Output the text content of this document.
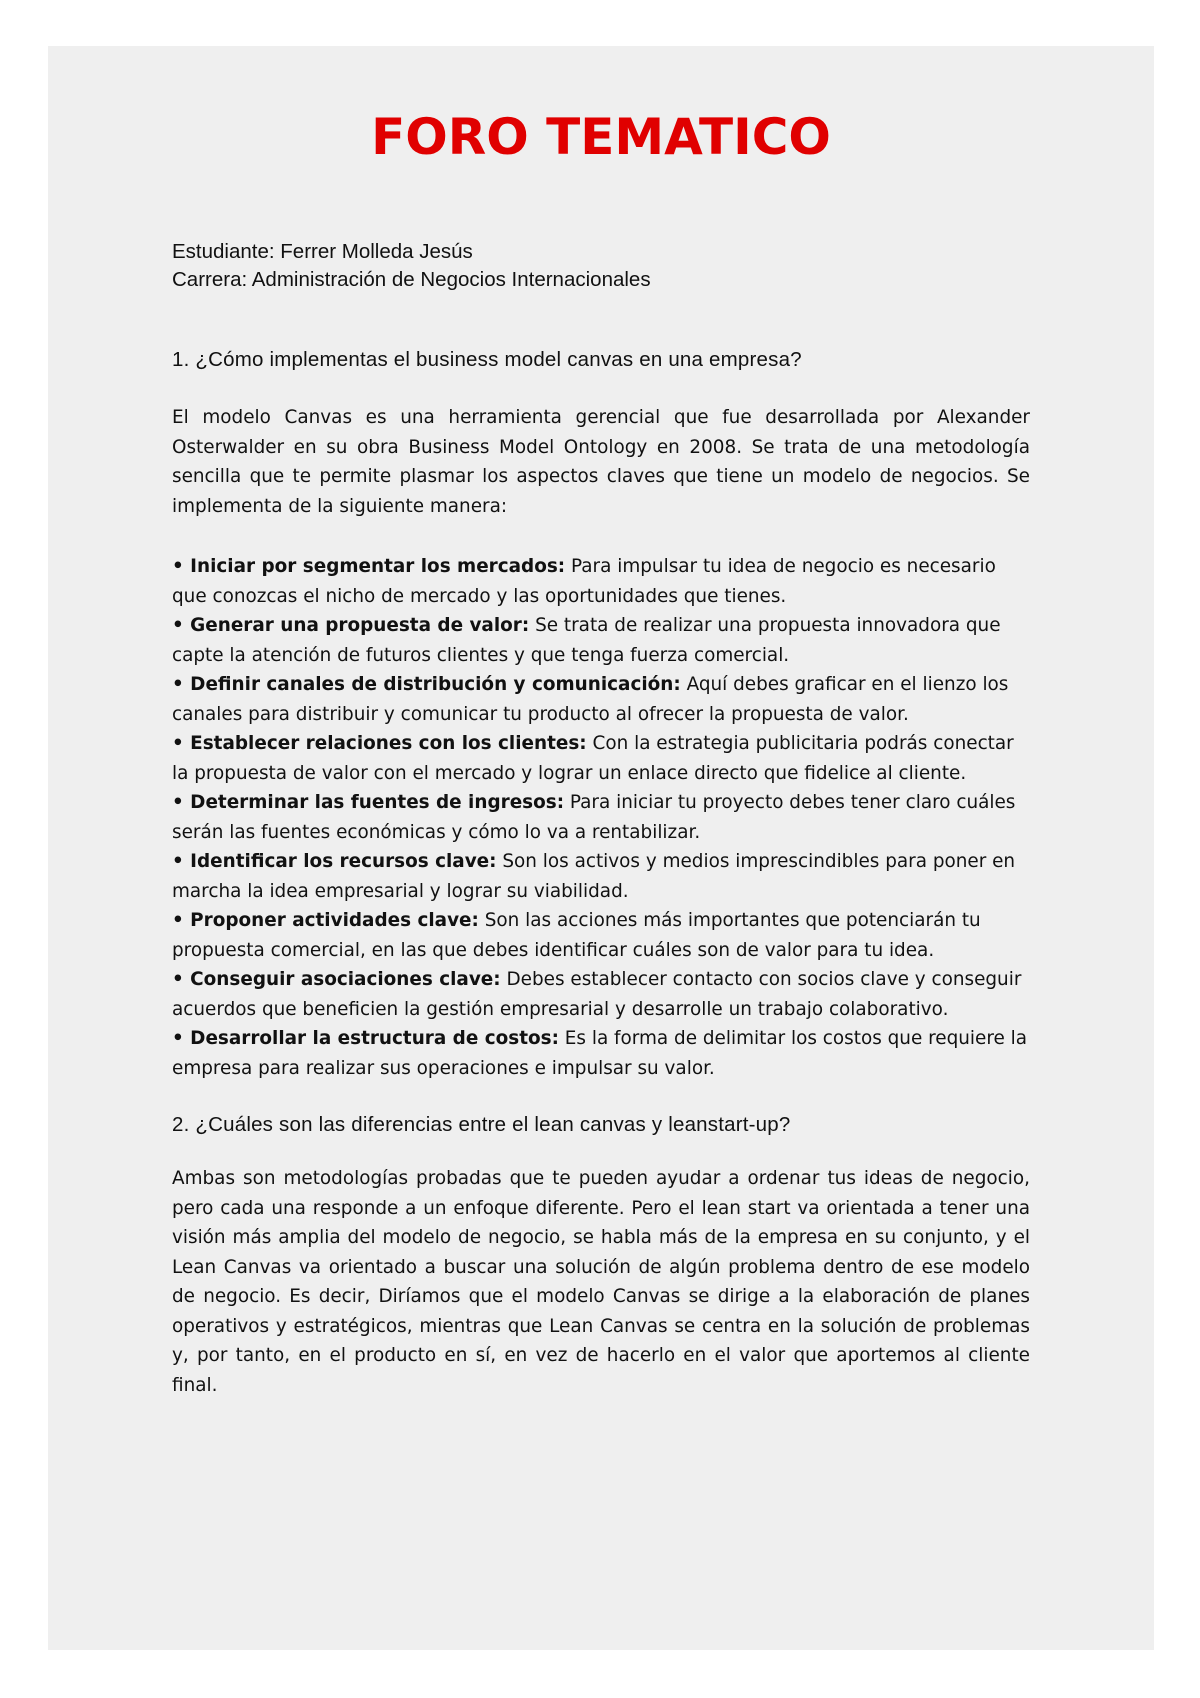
FORO TEMATICO
Estudiante: Ferrer Molleda Jesús
Carrera: Administración de Negocios Internacionales
1. ¿Cómo implementas el business model canvas en una empresa?

El modelo Canvas es una herramienta gerencial que fue desarrollada por Alexander Osterwalder en su obra Business Model Ontology en 2008. Se trata de una metodología sencilla que te permite plasmar los aspectos claves que tiene un modelo de negocios. Se implementa de la siguiente manera:

• Iniciar por segmentar los mercados: Para impulsar tu idea de negocio es necesario que conozcas el nicho de mercado y las oportunidades que tienes.
• Generar una propuesta de valor: Se trata de realizar una propuesta innovadora que capte la atención de futuros clientes y que tenga fuerza comercial.
• Definir canales de distribución y comunicación: Aquí debes graficar en el lienzo los canales para distribuir y comunicar tu producto al ofrecer la propuesta de valor.
• Establecer relaciones con los clientes: Con la estrategia publicitaria podrás conectar la propuesta de valor con el mercado y lograr un enlace directo que fidelice al cliente.
• Determinar las fuentes de ingresos: Para iniciar tu proyecto debes tener claro cuáles serán las fuentes económicas y cómo lo va a rentabilizar.
• Identificar los recursos clave: Son los activos y medios imprescindibles para poner en marcha la idea empresarial y lograr su viabilidad.
• Proponer actividades clave: Son las acciones más importantes que potenciarán tu propuesta comercial, en las que debes identificar cuáles son de valor para tu idea.
• Conseguir asociaciones clave: Debes establecer contacto con socios clave y conseguir acuerdos que beneficien la gestión empresarial y desarrolle un trabajo colaborativo.
• Desarrollar la estructura de costos: Es la forma de delimitar los costos que requiere la empresa para realizar sus operaciones e impulsar su valor.
2. ¿Cuáles son las diferencias entre el lean canvas y leanstart-up?

Ambas son metodologías probadas que te pueden ayudar a ordenar tus ideas de negocio, pero cada una responde a un enfoque diferente. Pero el lean start va orientada a tener una visión más amplia del modelo de negocio, se habla más de la empresa en su conjunto, y el Lean Canvas va orientado a buscar una solución de algún problema dentro de ese modelo de negocio. Es decir, Diríamos que el modelo Canvas se dirige a la elaboración de planes operativos y estratégicos, mientras que Lean Canvas se centra en la solución de problemas y, por tanto, en el producto en sí, en vez de hacerlo en el valor que aportemos al cliente final.
